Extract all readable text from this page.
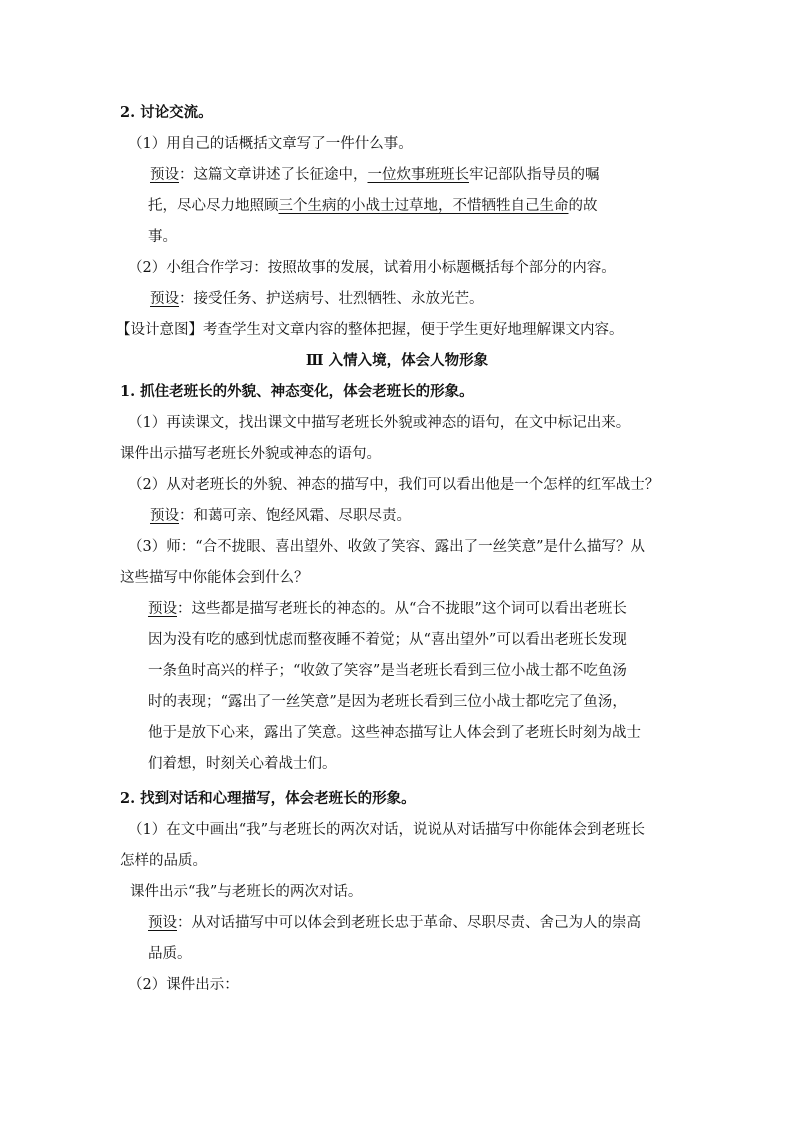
2. 讨论交流。
（1）用自己的话概括文章写了一件什么事。
预设：这篇文章讲述了长征途中，一位炊事班班长牢记部队指导员的嘱
托，尽心尽力地照顾三个生病的小战士过草地，不惜牺牲自己生命的故
事。
（2）小组合作学习：按照故事的发展，试着用小标题概括每个部分的内容。
预设：接受任务、护送病号、壮烈牺牲、永放光芒。
【设计意图】考查学生对文章内容的整体把握，便于学生更好地理解课文内容。
Ⅲ 入情入境，体会人物形象
1. 抓住老班长的外貌、神态变化，体会老班长的形象。
（1）再读课文，找出课文中描写老班长外貌或神态的语句，在文中标记出来。
课件出示描写老班长外貌或神态的语句。
（2）从对老班长的外貌、神态的描写中，我们可以看出他是一个怎样的红军战士？
预设：和蔼可亲、饱经风霜、尽职尽责。
（3）师：“合不拢眼、喜出望外、收敛了笑容、露出了一丝笑意”是什么描写？从
这些描写中你能体会到什么？
预设：这些都是描写老班长的神态的。从“合不拢眼”这个词可以看出老班长
因为没有吃的感到忧虑而整夜睡不着觉；从“喜出望外”可以看出老班长发现
一条鱼时高兴的样子；“收敛了笑容”是当老班长看到三位小战士都不吃鱼汤
时的表现；“露出了一丝笑意”是因为老班长看到三位小战士都吃完了鱼汤，
他于是放下心来，露出了笑意。这些神态描写让人体会到了老班长时刻为战士
们着想，时刻关心着战士们。
2. 找到对话和心理描写，体会老班长的形象。
（1）在文中画出“我”与老班长的两次对话，说说从对话描写中你能体会到老班长
怎样的品质。
课件出示“我”与老班长的两次对话。
预设：从对话描写中可以体会到老班长忠于革命、尽职尽责、舍己为人的崇高
品质。
（2）课件出示：
